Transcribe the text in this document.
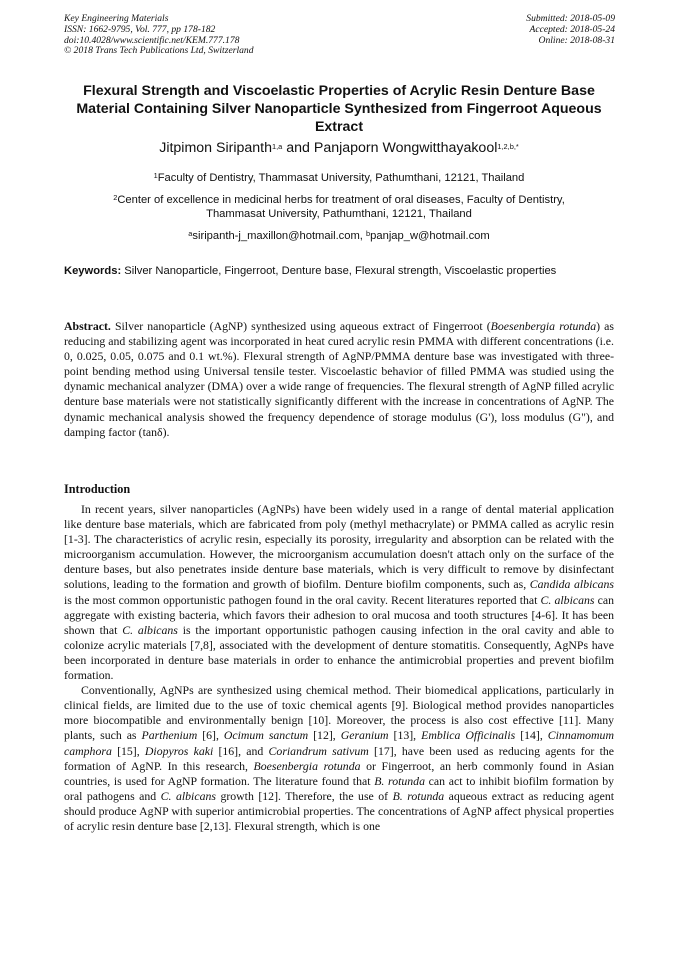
Key Engineering Materials
ISSN: 1662-9795, Vol. 777, pp 178-182
doi:10.4028/www.scientific.net/KEM.777.178
© 2018 Trans Tech Publications Ltd, Switzerland
Submitted: 2018-05-09
Accepted: 2018-05-24
Online: 2018-08-31
Flexural Strength and Viscoelastic Properties of Acrylic Resin Denture Base Material Containing Silver Nanoparticle Synthesized from Fingerroot Aqueous Extract
Jitpimon Siripanth$^{1,a}$ and Panjaporn Wongwitthayakool$^{1,2,b,*}$
$^1$Faculty of Dentistry, Thammasat University, Pathumthani, 12121, Thailand
$^2$Center of excellence in medicinal herbs for treatment of oral diseases, Faculty of Dentistry,
Thammasat University, Pathumthani, 12121, Thailand
$^a$siripanth-j_maxillon@hotmail.com, $^b$panjap_w@hotmail.com
Keywords: Silver Nanoparticle, Fingerroot, Denture base, Flexural strength, Viscoelastic properties
Abstract. Silver nanoparticle (AgNP) synthesized using aqueous extract of Fingerroot (Boesenbergia rotunda) as reducing and stabilizing agent was incorporated in heat cured acrylic resin PMMA with different concentrations (i.e. 0, 0.025, 0.05, 0.075 and 0.1 wt.%). Flexural strength of AgNP/PMMA denture base was investigated with three-point bending method using Universal tensile tester. Viscoelastic behavior of filled PMMA was studied using the dynamic mechanical analyzer (DMA) over a wide range of frequencies. The flexural strength of AgNP filled acrylic denture base materials were not statistically significantly different with the increase in concentrations of AgNP. The dynamic mechanical analysis showed the frequency dependence of storage modulus (G'), loss modulus (G"), and damping factor (tanδ).
Introduction

In recent years, silver nanoparticles (AgNPs) have been widely used in a range of dental material application like denture base materials, which are fabricated from poly (methyl methacrylate) or PMMA called as acrylic resin [1-3]. The characteristics of acrylic resin, especially its porosity, irregularity and absorption can be related with the microorganism accumulation. However, the microorganism accumulation doesn't attach only on the surface of the denture bases, but also penetrates inside denture base materials, which is very difficult to remove by disinfectant solutions, leading to the formation and growth of biofilm. Denture biofilm components, such as, Candida albicans is the most common opportunistic pathogen found in the oral cavity. Recent literatures reported that C. albicans can aggregate with existing bacteria, which favors their adhesion to oral mucosa and tooth structures [4-6]. It has been shown that C. albicans is the important opportunistic pathogen causing infection in the oral cavity and able to colonize acrylic materials [7,8], associated with the development of denture stomatitis. Consequently, AgNPs have been incorporated in denture base materials in order to enhance the antimicrobial properties and prevent biofilm formation.

Conventionally, AgNPs are synthesized using chemical method. Their biomedical applications, particularly in clinical fields, are limited due to the use of toxic chemical agents [9]. Biological method provides nanoparticles more biocompatible and environmentally benign [10]. Moreover, the process is also cost effective [11]. Many plants, such as Parthenium [6], Ocimum sanctum [12], Geranium [13], Emblica Officinalis [14], Cinnamomum camphora [15], Diopyros kaki [16], and Coriandrum sativum [17], have been used as reducing agents for the formation of AgNP. In this research, Boesenbergia rotunda or Fingerroot, an herb commonly found in Asian countries, is used for AgNP formation. The literature found that B. rotunda can act to inhibit biofilm formation by oral pathogens and C. albicans growth [12]. Therefore, the use of B. rotunda aqueous extract as reducing agent should produce AgNP with superior antimicrobial properties. The concentrations of AgNP affect physical properties of acrylic resin denture base [2,13]. Flexural strength, which is one
